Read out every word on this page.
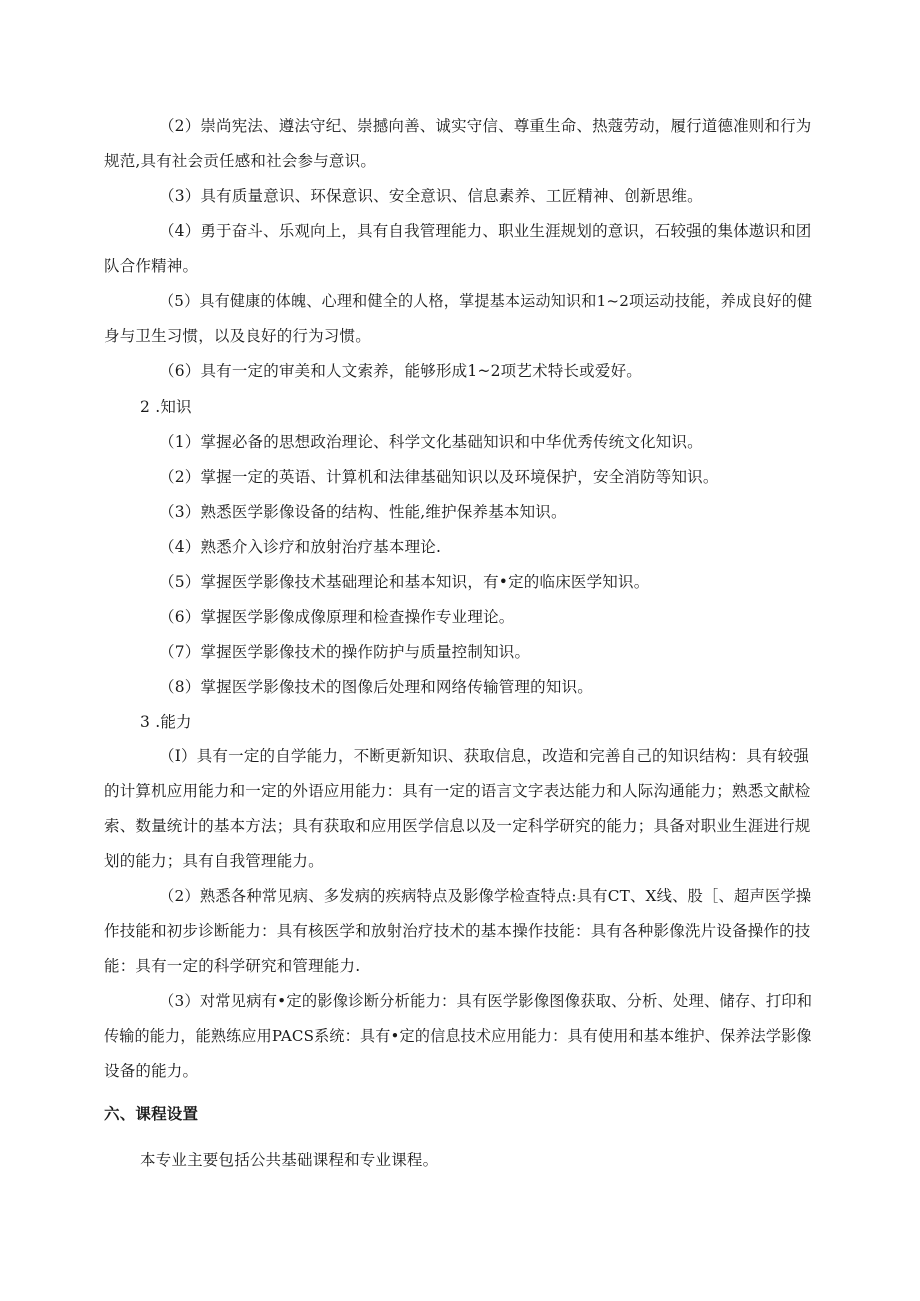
（2）崇尚宪法、遵法守纪、崇撼向善、诚实守信、尊重生命、热蔻劳动，履行道德准则和行为

规范,具有社会贡任感和社会参与意识。

（3）具有质量意识、环保意识、安全意识、信息素养、工匠精神、创新思维。

（4）勇于奋斗、乐观向上，具有自我管理能力、职业生涯规划的意识，石较强的集体遨识和团

队合作精神。

（5）具有健康的体魄、心理和健全的人格，掌提基本运动知识和1~2项运动技能，养成良好的健

身与卫生习惯，以及良好的行为习惯。

（6）具有一定的审美和人文索养，能够形成1~2项艺术特长或爱好。

2 .知识

（1）掌握必备的思想政治理论、科学文化基础知识和中华优秀传统文化知识。

（2）掌握一定的英语、计算机和法律基础知识以及环境保护，安全消防等知识。

（3）熟悉医学影像设备的结构、性能,维护保养基本知识。

（4）熟悉介入诊疗和放射治疗基本理论.

（5）掌握医学影像技术基础理论和基本知识，有•定的临床医学知识。

（6）掌握医学影像成像原理和检查操作专业理论。

（7）掌握医学影像技术的操作防护与质量控制知识。

（8）掌握医学影像技术的图像后处理和网络传输管理的知识。

3 .能力

（I）具有一定的自学能力，不断更新知识、获取信息，改造和完善自己的知识结构：具有较强

的计算机应用能力和一定的外语应用能力：具有一定的语言文字表达能力和人际沟通能力；熟悉文献检

索、数量统计的基本方法；具有获取和应用医学信息以及一定科学研究的能力；具备对职业生涯进行规

划的能力；具有自我管理能力。

（2）熟悉各种常见病、多发病的疾病特点及影像学检查特点:具有CT、X线、股［、超声医学操

作技能和初步诊断能力：具有核医学和放射治疗技术的基本操作技能：具有各种影像洗片设备操作的技

能：具有一定的科学研究和管理能力.

（3）对常见病有•定的影像诊断分析能力：具有医学影像图像获取、分析、处理、储存、打印和

传输的能力，能熟练应用PACS系统：具有•定的信息技术应用能力：具有使用和基本维护、保养法学影像

设备的能力。

六、课程设置

本专业主要包括公共基础课程和专业课程。
